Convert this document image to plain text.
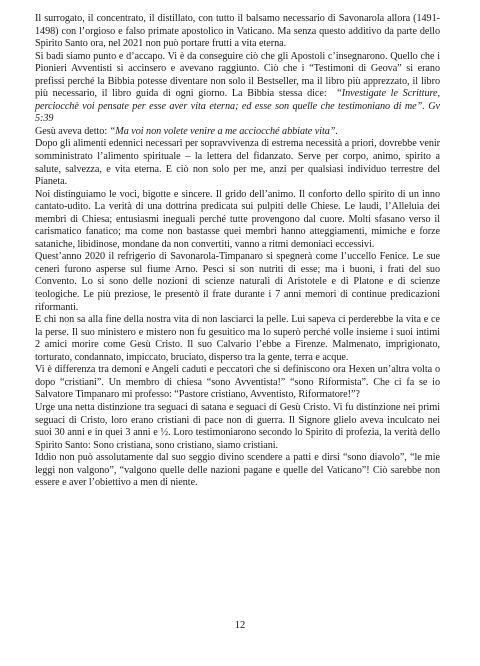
Il surrogato, il concentrato, il distillato, con tutto il balsamo necessario di Savonarola allora (1491-1498) con l’orgioso e falso primate apostolico in Vaticano. Ma senza questo additivo da parte dello Spirito Santo ora, nel 2021 non può portare frutti a vita eterna.

Si badi siamo punto e d’accapo. Vi è da conseguire ciò che gli Apostoli c’insegnarono. Quello che i Pionieri Avventisti si accinsero e avevano raggiunto. Ciò che i “Testimoni di Geova” si erano prefissi perché la Bibbia potesse diventare non solo il Bestseller, ma il libro più apprezzato, il libro più necessario, il libro guida di ogni giorno. La Bibbia stessa dice: “Investigate le Scritture, perciocchè voi pensate per esse aver vita eterna; ed esse son quelle che testimoniano di me”. Gv 5:39

Gesù aveva detto: “Ma voi non volete venire a me acciocché abbiate vita”.

Dopo gli alimenti edennici necessari per sopravvivenza di estrema necessità a priori, dovrebbe venir somministrato l’alimento spirituale – la lettera del fidanzato. Serve per corpo, animo, spirito a salute, salvezza, e vita eterna. E ciò non solo per me, anzi per qualsiasi individuo terrestre del Pianeta.

Noi distinguiamo le voci, bigotte e sincere. Il grido dell’animo. Il conforto dello spirito di un inno cantato-udito. La verità di una dottrina predicata sui pulpiti delle Chiese. Le laudi, l’Alleluia dei membri di Chiesa; entusiasmi ineguali perché tutte provengono dal cuore. Molti sfasano verso il carismatico fanatico; ma come non bastasse quei membri hanno atteggiamenti, mimiche e forze sataniche, libidinose, mondane da non convertiti, vanno a ritmi demoniaci eccessivi.

Quest’anno 2020 il refrigerio di Savonarola-Timpanaro si spegnerà come l’uccello Fenice. Le sue ceneri furono asperse sul fiume Arno. Pesci si son nutriti di esse; ma i buoni, i frati del suo Convento. Lo si sono delle nozioni di scienze naturali di Aristotele e di Platone e di scienze teologiche. Le più preziose, le presentò il frate durante i 7 anni memori di continue predicazioni riformanti.

E chi non sa alla fine della nostra vita di non lasciarci la pelle. Lui sapeva ci perderebbe la vita e ce la perse. Il suo ministero e mistero non fu gesuitico ma lo superò perché volle insieme i suoi intimi 2 amici morire come Gesù Cristo. Il suo Calvario l’ebbe a Firenze. Malmenato, imprigionato, torturato, condannato, impiccato, bruciato, disperso tra la gente, terra e acque.

Vi è differenza tra demoni e Angeli caduti e peccatori che si definiscono ora Hexen un’altra volta o dopo “cristiani”. Un membro di chiesa “sono Avventista!” “sono Riformista”. Che ci fa se io Salvatore Timpanaro mi professo: “Pastore cristiano, Avventisto, Riformatore!”?

Urge una netta distinzione tra seguaci di satana e seguaci di Gesù Cristo. Vi fu distinzione nei primi seguaci di Cristo, loro erano cristiani di pace non di guerra. Il Signore glielo aveva inculcato nei suoi 30 anni e in quei 3 anni e ½. Loro testimoniarono secondo lo Spirito di profezia, la verità dello Spirito Santo: Sono cristiana, sono cristiano, siamo cristiani.

Iddio non può assolutamente dal suo seggio divino scendere a patti e dirsi “sono diavolo”, “le mie leggi non valgono”, “valgono quelle delle nazioni pagane e quelle del Vaticano”! Ciò sarebbe non essere e aver l’obiettivo a men di niente.

12
